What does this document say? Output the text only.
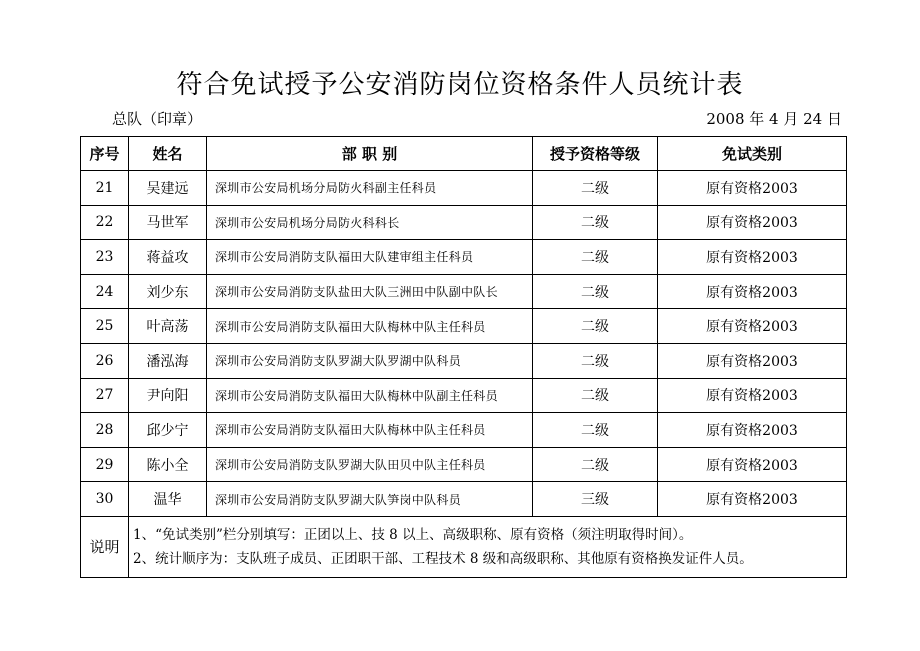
符合免试授予公安消防岗位资格条件人员统计表
总队（印章）	2008 年 4 月 24 日
序号	姓名	部 职 别	授予资格等级	免试类别
21	吴建远	深圳市公安局机场分局防火科副主任科员	二级	原有资格2003
22	马世军	深圳市公安局机场分局防火科科长	二级	原有资格2003
23	蒋益攻	深圳市公安局消防支队福田大队建审组主任科员	二级	原有资格2003
24	刘少东	深圳市公安局消防支队盐田大队三洲田中队副中队长	二级	原有资格2003
25	叶高荡	深圳市公安局消防支队福田大队梅林中队主任科员	二级	原有资格2003
26	潘泓海	深圳市公安局消防支队罗湖大队罗湖中队科员	二级	原有资格2003
27	尹向阳	深圳市公安局消防支队福田大队梅林中队副主任科员	二级	原有资格2003
28	邱少宁	深圳市公安局消防支队福田大队梅林中队主任科员	二级	原有资格2003
29	陈小全	深圳市公安局消防支队罗湖大队田贝中队主任科员	二级	原有资格2003
30	温华	深圳市公安局消防支队罗湖大队笋岗中队科员	三级	原有资格2003
说明	1、“免试类别”栏分别填写：正团以上、技 8 以上、高级职称、原有资格（须注明取得时间）。
2、统计顺序为：支队班子成员、正团职干部、工程技术 8 级和高级职称、其他原有资格换发证件人员。			
